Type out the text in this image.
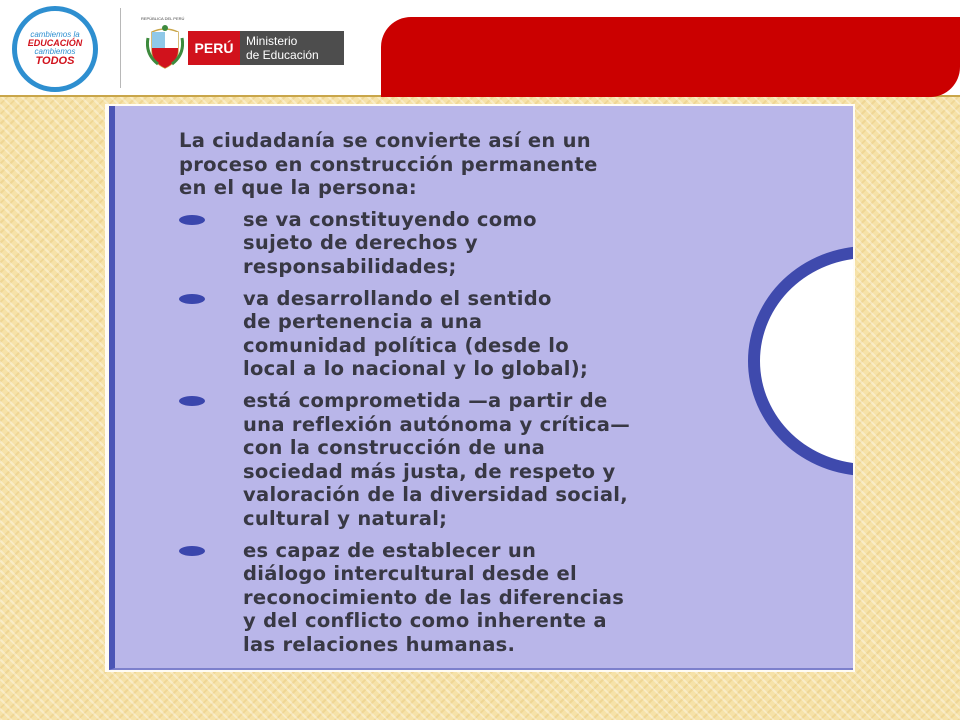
cambiemos la
EDUCACIÓN
cambiemos
TODOS
REPÚBLICA DEL PERÚ
PERÚ	Ministerio
de Educación
La ciudadanía se convierte así en un
proceso en construcción permanente
en el que la persona:
se va constituyendo como
sujeto de derechos y
responsabilidades;
va desarrollando el sentido
de pertenencia a una
comunidad política (desde lo
local a lo nacional y lo global);
está comprometida —a partir de
una reflexión autónoma y crítica—
con la construcción de una
sociedad más justa, de respeto y
valoración de la diversidad social,
cultural y natural;
es capaz de establecer un
diálogo intercultural desde el
reconocimiento de las diferencias
y del conflicto como inherente a
las relaciones humanas.
